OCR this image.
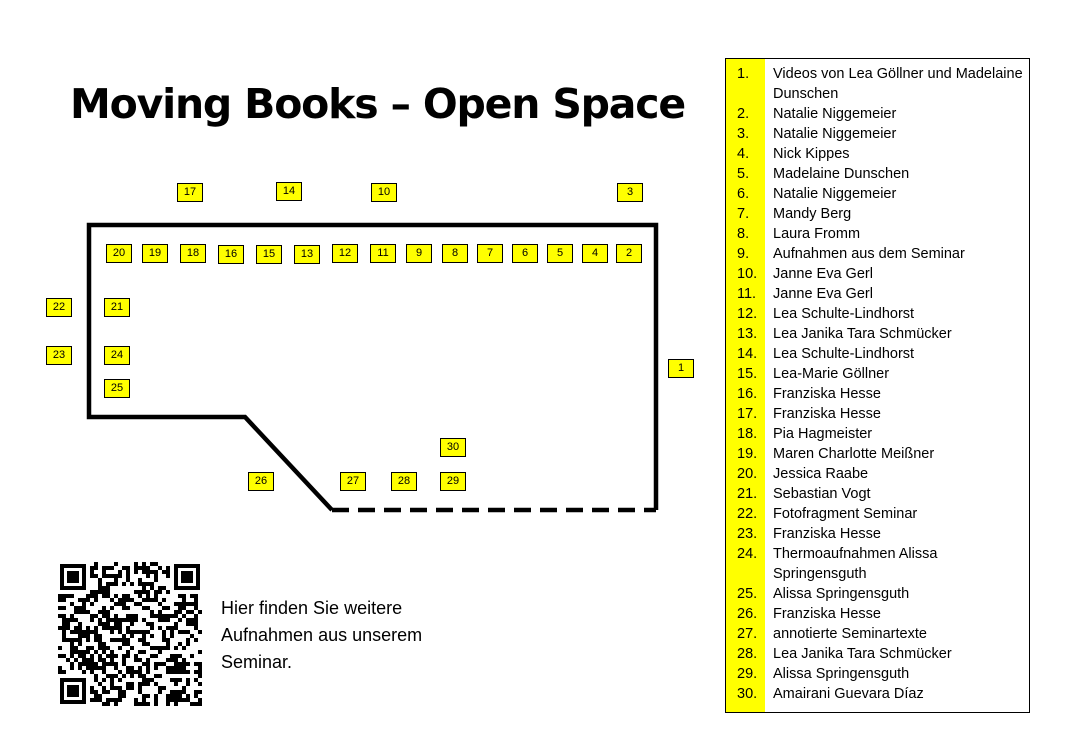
Moving Books – Open Space
17	14	10	3
20	19	18	16	15	13	12	11	9	8	7	6	5	4	2
22	21
23	24
25
1
30
26	27	28	29
Hier finden Sie weitere Aufnahmen aus unserem Seminar.
1. Videos von Lea Göllner und Madelaine Dunschen
2. Natalie Niggemeier
3. Natalie Niggemeier
4. Nick Kippes
5. Madelaine Dunschen
6. Natalie Niggemeier
7. Mandy Berg
8. Laura Fromm
9. Aufnahmen aus dem Seminar
10. Janne Eva Gerl
11. Janne Eva Gerl
12. Lea Schulte-Lindhorst
13. Lea Janika Tara Schmücker
14. Lea Schulte-Lindhorst
15. Lea-Marie Göllner
16. Franziska Hesse
17. Franziska Hesse
18. Pia Hagmeister
19. Maren Charlotte Meißner
20. Jessica Raabe
21. Sebastian Vogt
22. Fotofragment Seminar
23. Franziska Hesse
24. Thermoaufnahmen Alissa Springensguth
25. Alissa Springensguth
26. Franziska Hesse
27. annotierte Seminartexte
28. Lea Janika Tara Schmücker
29. Alissa Springensguth
30. Amairani Guevara Díaz
